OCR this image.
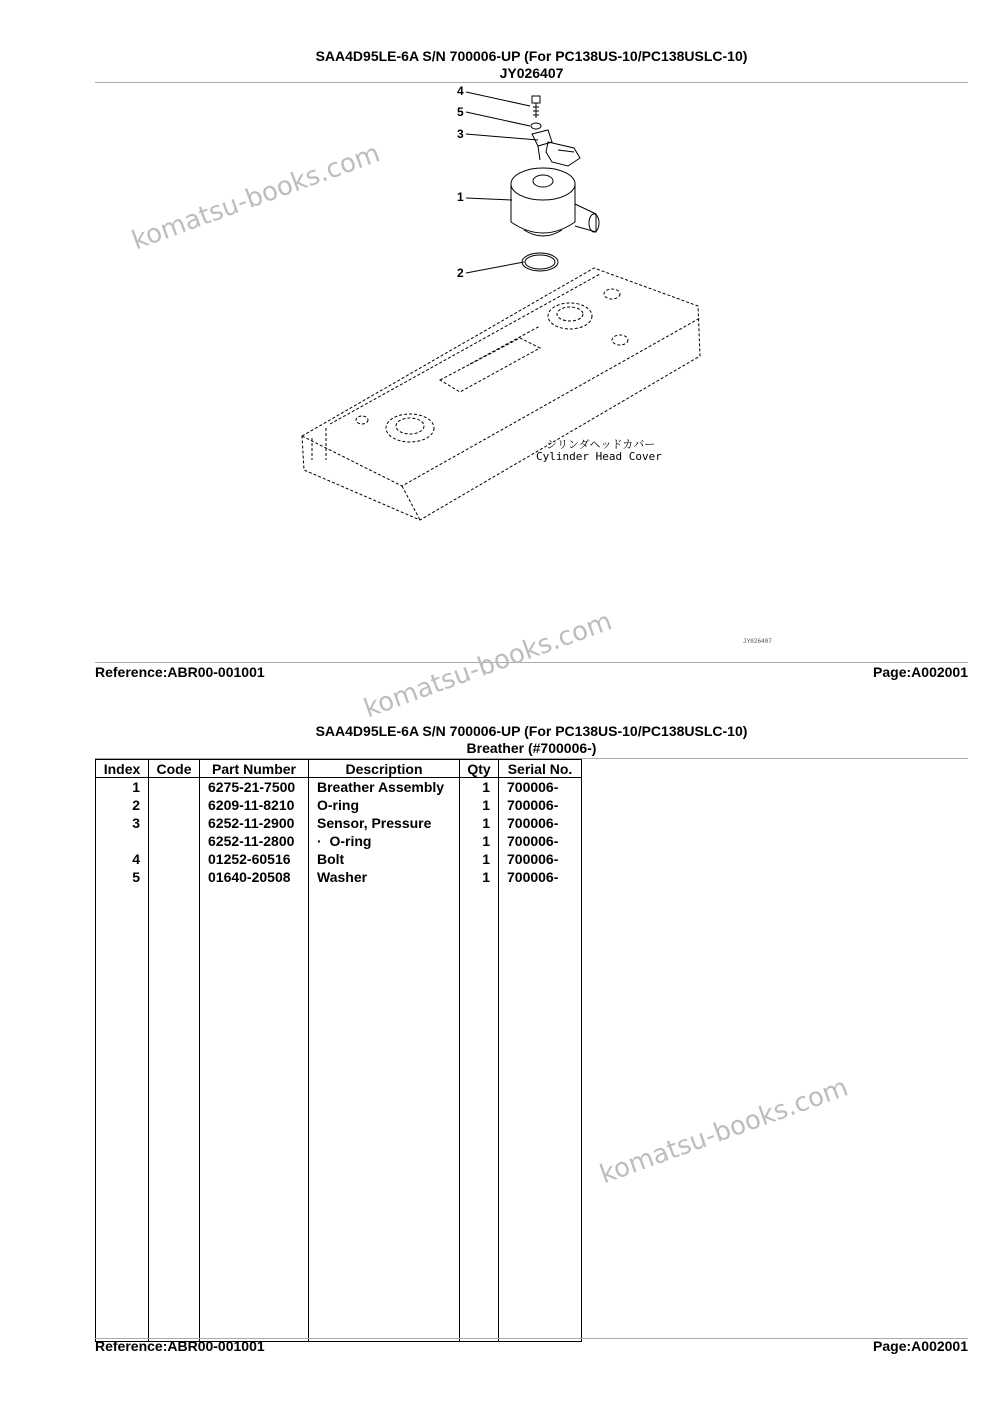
SAA4D95LE-6A S/N 700006-UP (For PC138US-10/PC138USLC-10)
JY026407
4
5
3
1
2
シリンダヘッドカバー
Cylinder Head Cover
JY026407
Reference:ABR00-001001	Page:A002001
SAA4D95LE-6A S/N 700006-UP (For PC138US-10/PC138USLC-10)
Breather (#700006-)
Index	Code	Part Number	Description	Qty	Serial No.
1		6275-21-7500	Breather Assembly	1	700006-
2		6209-11-8210	O-ring	1	700006-
3		6252-11-2900	Sensor, Pressure	1	700006-
		6252-11-2800	·  O-ring	1	700006-
4		01252-60516	Bolt	1	700006-
5		01640-20508	Washer	1	700006-

Reference:ABR00-001001	Page:A002001
komatsu-books.com
komatsu-books.com
komatsu-books.com
